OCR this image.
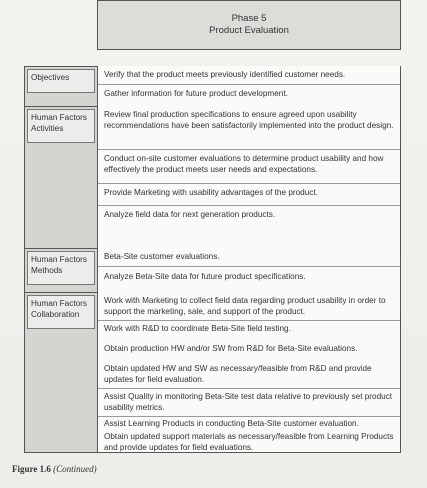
Phase 5
Product Evaluation
Objectives	Verify that the product meets previously identified customer needs.
Gather information for future product development.
Human Factors Activities
Review final production specifications to ensure agreed upon usability recommendations have been satisfactorily implemented into the product design.
Conduct on-site customer evaluations to determine product usability and how effectively the product meets user needs and expectations.
Provide Marketing with usability advantages of the product.
Analyze field data for next generation products.
Human Factors Methods
Beta-Site customer evaluations.
Analyze Beta-Site data for future product specifications.
Human Factors Collaboration
Work with Marketing to collect field data regarding product usability in order to support the marketing, sale, and support of the product.
Work with R&D to coordinate Beta-Site field testing.
Obtain production HW and/or SW from R&D for Beta-Site evaluations.
Obtain updated HW and SW as necessary/feasible from R&D and provide updates for field evaluation.
Assist Quality in monitoring Beta-Site test data relative to previously set product usability metrics.
Assist Learning Products in conducting Beta-Site customer evaluation.
Obtain updated support materials as necessary/feasible from Learning Products and provide updates for field evaluations.
Figure 1.6 (Continued)
